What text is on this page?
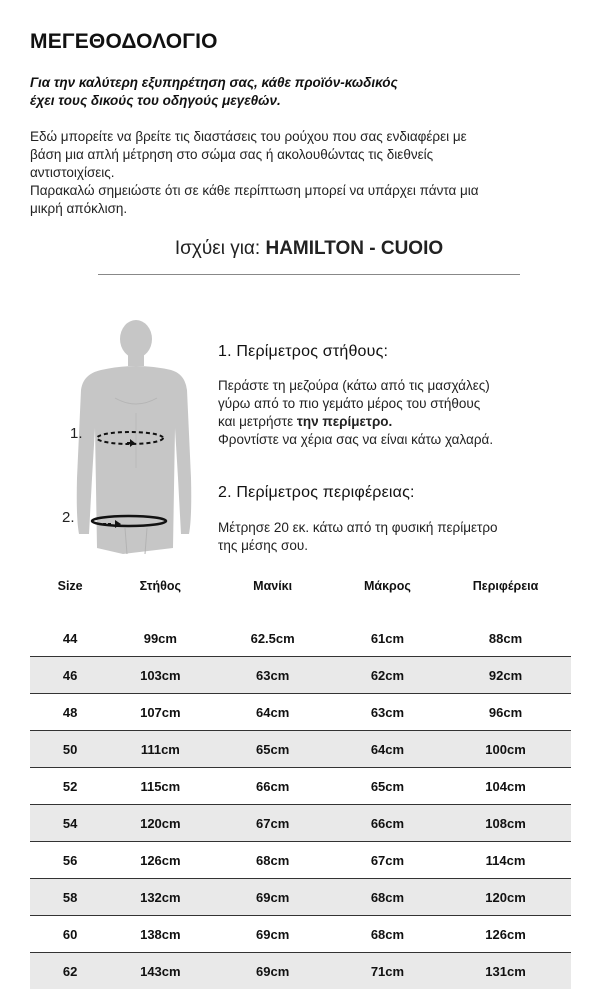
ΜΕΓΕΘΟΔΟΛΟΓΙΟ
Για την καλύτερη εξυπηρέτηση σας, κάθε προϊόν-κωδικός
έχει τους δικούς του οδηγούς μεγεθών.
Εδώ μπορείτε να βρείτε τις διαστάσεις του ρούχου που σας ενδιαφέρει με
βάση μια απλή μέτρηση στο σώμα σας ή ακολουθώντας τις διεθνείς
αντιστοιχίσεις.
Παρακαλώ σημειώστε ότι σε κάθε περίπτωση μπορεί να υπάρχει πάντα μια
μικρή απόκλιση.
Ισχύει για: HAMILTON - CUOIO
1.
2.
1. Περίμετρος στήθους:
Περάστε τη μεζούρα (κάτω από τις μασχάλες)
γύρω από το πιο γεμάτο μέρος του στήθους
και μετρήστε την περίμετρο.
Φροντίστε να χέρια σας να είναι κάτω χαλαρά.
2. Περίμετρος περιφέρειας:
Μέτρησε 20 εκ. κάτω από τη φυσική περίμετρο
της μέσης σου.
Size	Στήθος	Μανίκι	Μάκρος	Περιφέρεια

44	99cm	62.5cm	61cm	88cm
46	103cm	63cm	62cm	92cm
48	107cm	64cm	63cm	96cm
50	111cm	65cm	64cm	100cm
52	115cm	66cm	65cm	104cm
54	120cm	67cm	66cm	108cm
56	126cm	68cm	67cm	114cm
58	132cm	69cm	68cm	120cm
60	138cm	69cm	68cm	126cm
62	143cm	69cm	71cm	131cm
